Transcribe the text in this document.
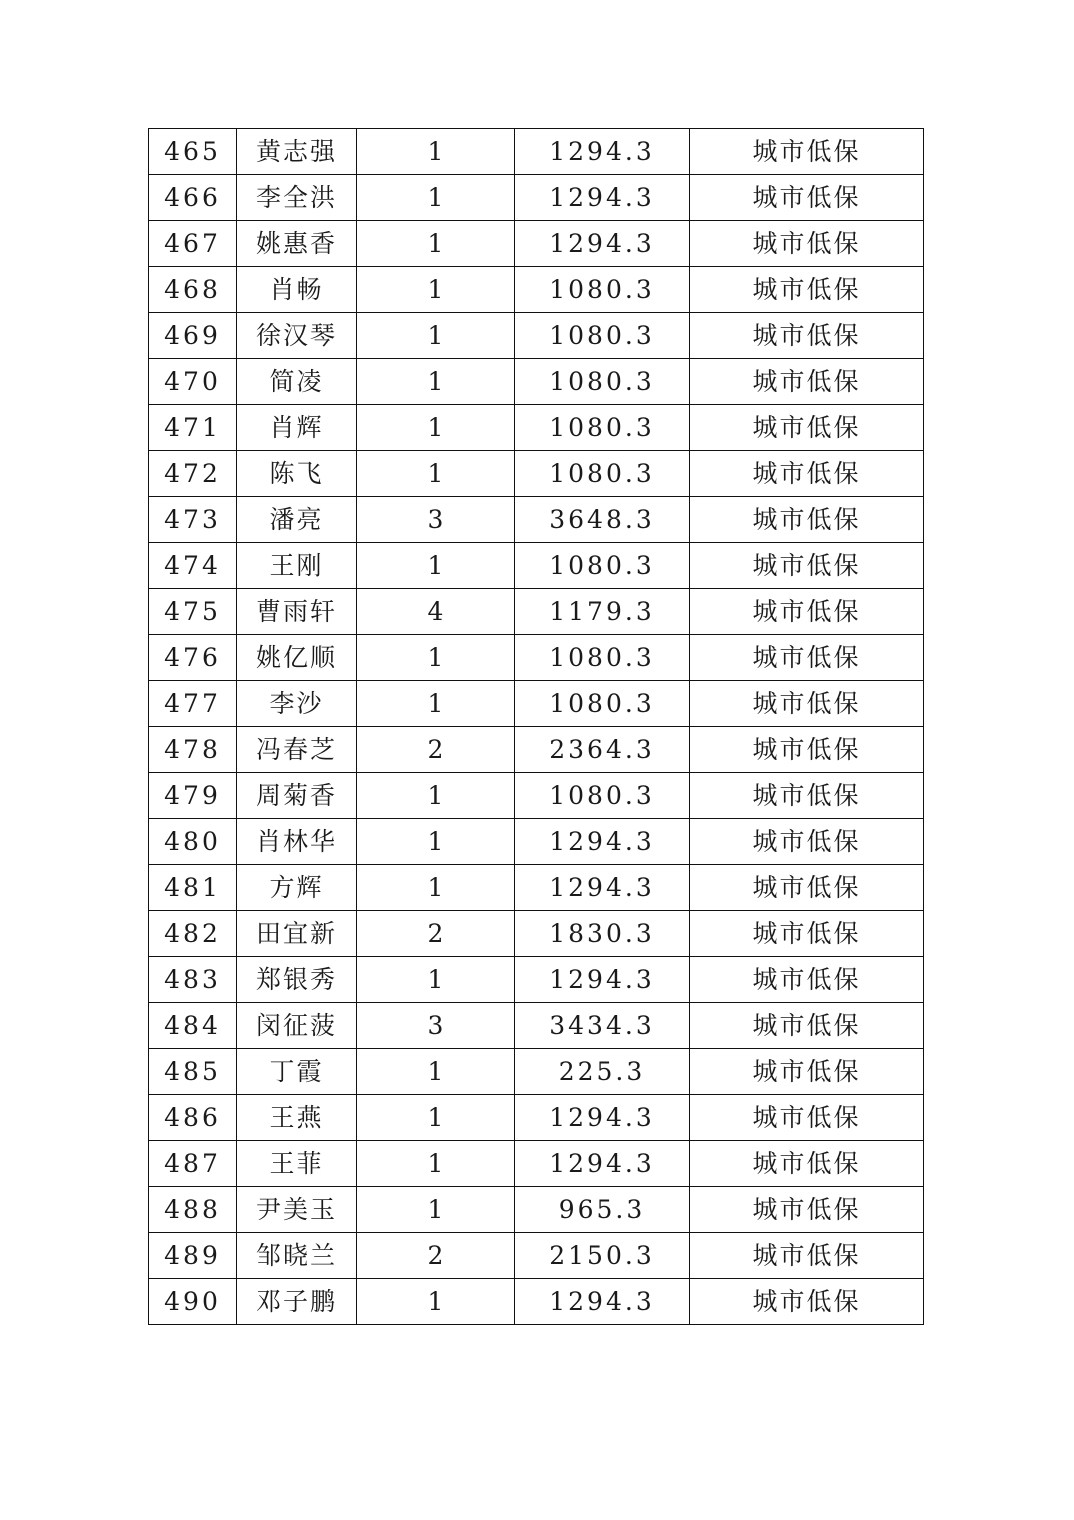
465	黄志强	1	1294.3	城市低保
466	李全洪	1	1294.3	城市低保
467	姚惠香	1	1294.3	城市低保
468	肖畅	1	1080.3	城市低保
469	徐汉琴	1	1080.3	城市低保
470	简凌	1	1080.3	城市低保
471	肖辉	1	1080.3	城市低保
472	陈飞	1	1080.3	城市低保
473	潘亮	3	3648.3	城市低保
474	王刚	1	1080.3	城市低保
475	曹雨轩	4	1179.3	城市低保
476	姚亿顺	1	1080.3	城市低保
477	李沙	1	1080.3	城市低保
478	冯春芝	2	2364.3	城市低保
479	周菊香	1	1080.3	城市低保
480	肖林华	1	1294.3	城市低保
481	方辉	1	1294.3	城市低保
482	田宜新	2	1830.3	城市低保
483	郑银秀	1	1294.3	城市低保
484	闵征菠	3	3434.3	城市低保
485	丁霞	1	225.3	城市低保
486	王燕	1	1294.3	城市低保
487	王菲	1	1294.3	城市低保
488	尹美玉	1	965.3	城市低保
489	邹晓兰	2	2150.3	城市低保
490	邓子鹏	1	1294.3	城市低保
